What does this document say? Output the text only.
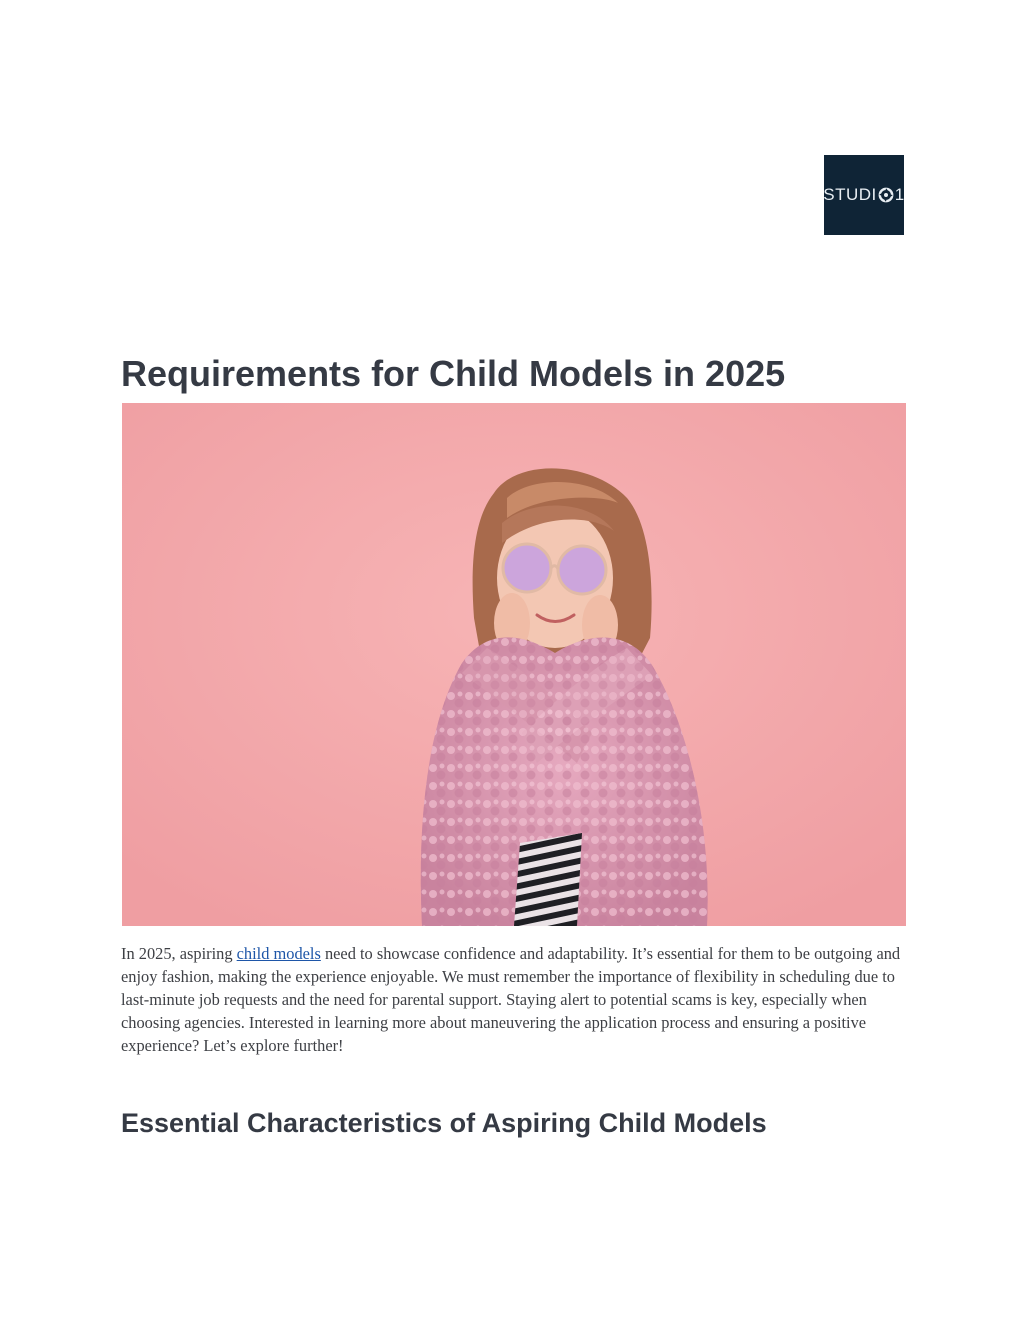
STUDI 1
Requirements for Child Models in 2025

In 2025, aspiring child models need to showcase confidence and adaptability. It’s essential for them to be outgoing and enjoy fashion, making the experience enjoyable. We must remember the importance of flexibility in scheduling due to last-minute job requests and the need for parental support. Staying alert to potential scams is key, especially when choosing agencies. Interested in learning more about maneuvering the application process and ensuring a positive experience? Let’s explore further!

Essential Characteristics of Aspiring Child Models
